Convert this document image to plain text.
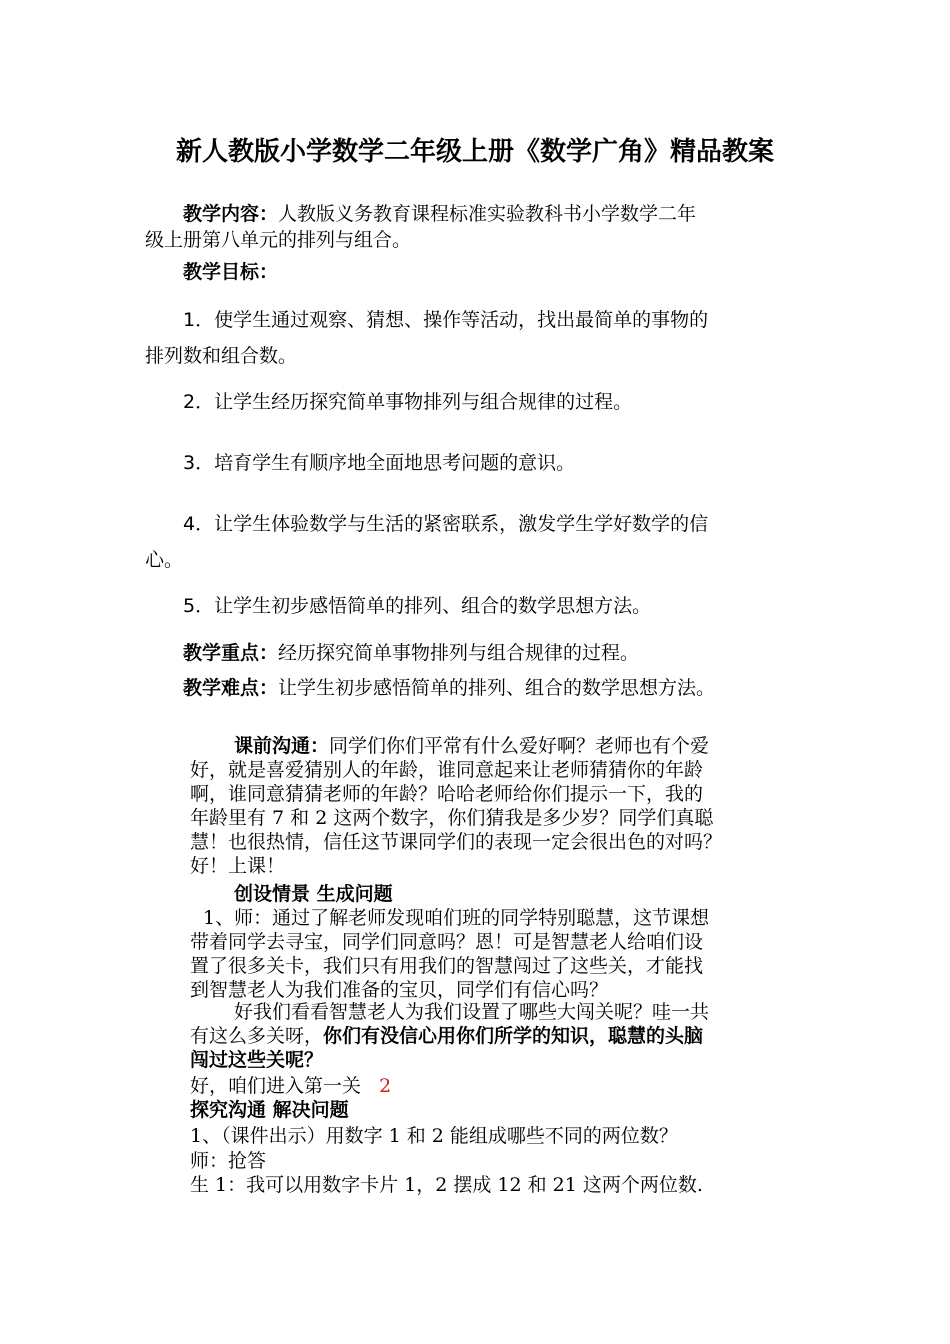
新人教版小学数学二年级上册《数学广角》精品教案

教学内容：人教版义务教育课程标准实验教科书小学数学二年

级上册第八单元的排列与组合。

教学目标：

1．使学生通过观察、猜想、操作等活动，找出最简单的事物的

排列数和组合数。

2．让学生经历探究简单事物排列与组合规律的过程。

3．培育学生有顺序地全面地思考问题的意识。

4．让学生体验数学与生活的紧密联系，激发学生学好数学的信

心。

5．让学生初步感悟简单的排列、组合的数学思想方法。

教学重点：经历探究简单事物排列与组合规律的过程。

教学难点：让学生初步感悟简单的排列、组合的数学思想方法。

课前沟通：同学们你们平常有什么爱好啊？老师也有个爱

好，就是喜爱猜别人的年龄，谁同意起来让老师猜猜你的年龄

啊，谁同意猜猜老师的年龄？哈哈老师给你们提示一下，我的

年龄里有 7 和 2 这两个数字，你们猜我是多少岁？同学们真聪

慧！也很热情，信任这节课同学们的表现一定会很出色的对吗？

好！上课！

创设情景 生成问题

1、师：通过了解老师发现咱们班的同学特别聪慧，这节课想

带着同学去寻宝，同学们同意吗？恩！可是智慧老人给咱们设

置了很多关卡，我们只有用我们的智慧闯过了这些关，才能找

到智慧老人为我们准备的宝贝，同学们有信心吗？

好我们看看智慧老人为我们设置了哪些大闯关呢？哇一共

有这么多关呀，你们有没信心用你们所学的知识，聪慧的头脑

闯过这些关呢？

好，咱们进入第一关 2

探究沟通 解决问题

1、（课件出示）用数字 1 和 2 能组成哪些不同的两位数？

师：抢答

生 1：我可以用数字卡片 1，2 摆成 12 和 21 这两个两位数.
